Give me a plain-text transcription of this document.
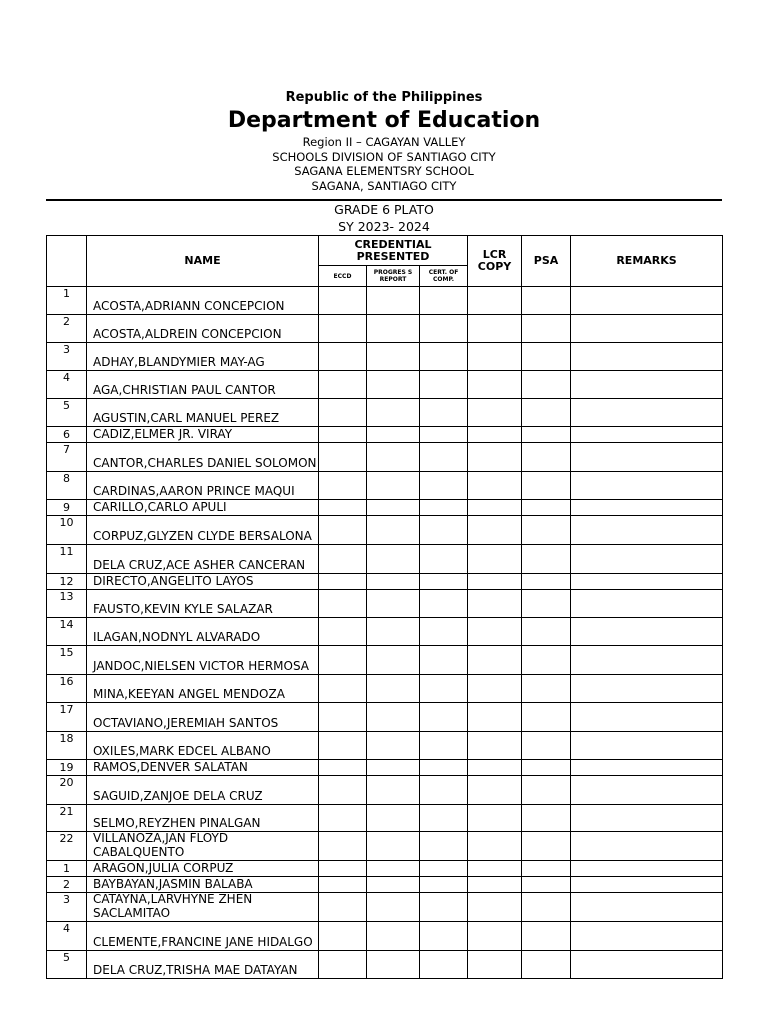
Republic of the Philippines
Department of Education
Region II – CAGAYAN VALLEY
SCHOOLS DIVISION OF SANTIAGO CITY
SAGANA ELEMENTSRY SCHOOL
SAGANA, SANTIAGO CITY
GRADE 6 PLATO
SY 2023- 2024
	NAME	CREDENTIAL PRESENTED			LCR COPY	PSA	REMARKS
		ECCD	PROGRES S REPORT	CERT. OF COMP.			
1	ACOSTA,ADRIANN CONCEPCION						
2	ACOSTA,ALDREIN CONCEPCION						
3	ADHAY,BLANDYMIER MAY-AG						
4	AGA,CHRISTIAN PAUL CANTOR						
5	AGUSTIN,CARL MANUEL PEREZ						
6	CADIZ,ELMER JR. VIRAY						
7	CANTOR,CHARLES DANIEL SOLOMON						
8	CARDINAS,AARON PRINCE MAQUI						
9	CARILLO,CARLO APULI						
10	CORPUZ,GLYZEN CLYDE BERSALONA						
11	DELA CRUZ,ACE ASHER CANCERAN						
12	DIRECTO,ANGELITO LAYOS						
13	FAUSTO,KEVIN KYLE SALAZAR						
14	ILAGAN,NODNYL ALVARADO						
15	JANDOC,NIELSEN VICTOR HERMOSA						
16	MINA,KEEYAN ANGEL MENDOZA						
17	OCTAVIANO,JEREMIAH SANTOS						
18	OXILES,MARK EDCEL ALBANO						
19	RAMOS,DENVER SALATAN						
20	SAGUID,ZANJOE DELA CRUZ						
21	SELMO,REYZHEN PINALGAN						
22	VILLANOZA,JAN FLOYD CABALQUENTO						
1	ARAGON,JULIA CORPUZ						
2	BAYBAYAN,JASMIN BALABA						
3	CATAYNA,LARVHYNE ZHEN SACLAMITAO						
4	CLEMENTE,FRANCINE JANE HIDALGO						
5	DELA CRUZ,TRISHA MAE DATAYAN						
